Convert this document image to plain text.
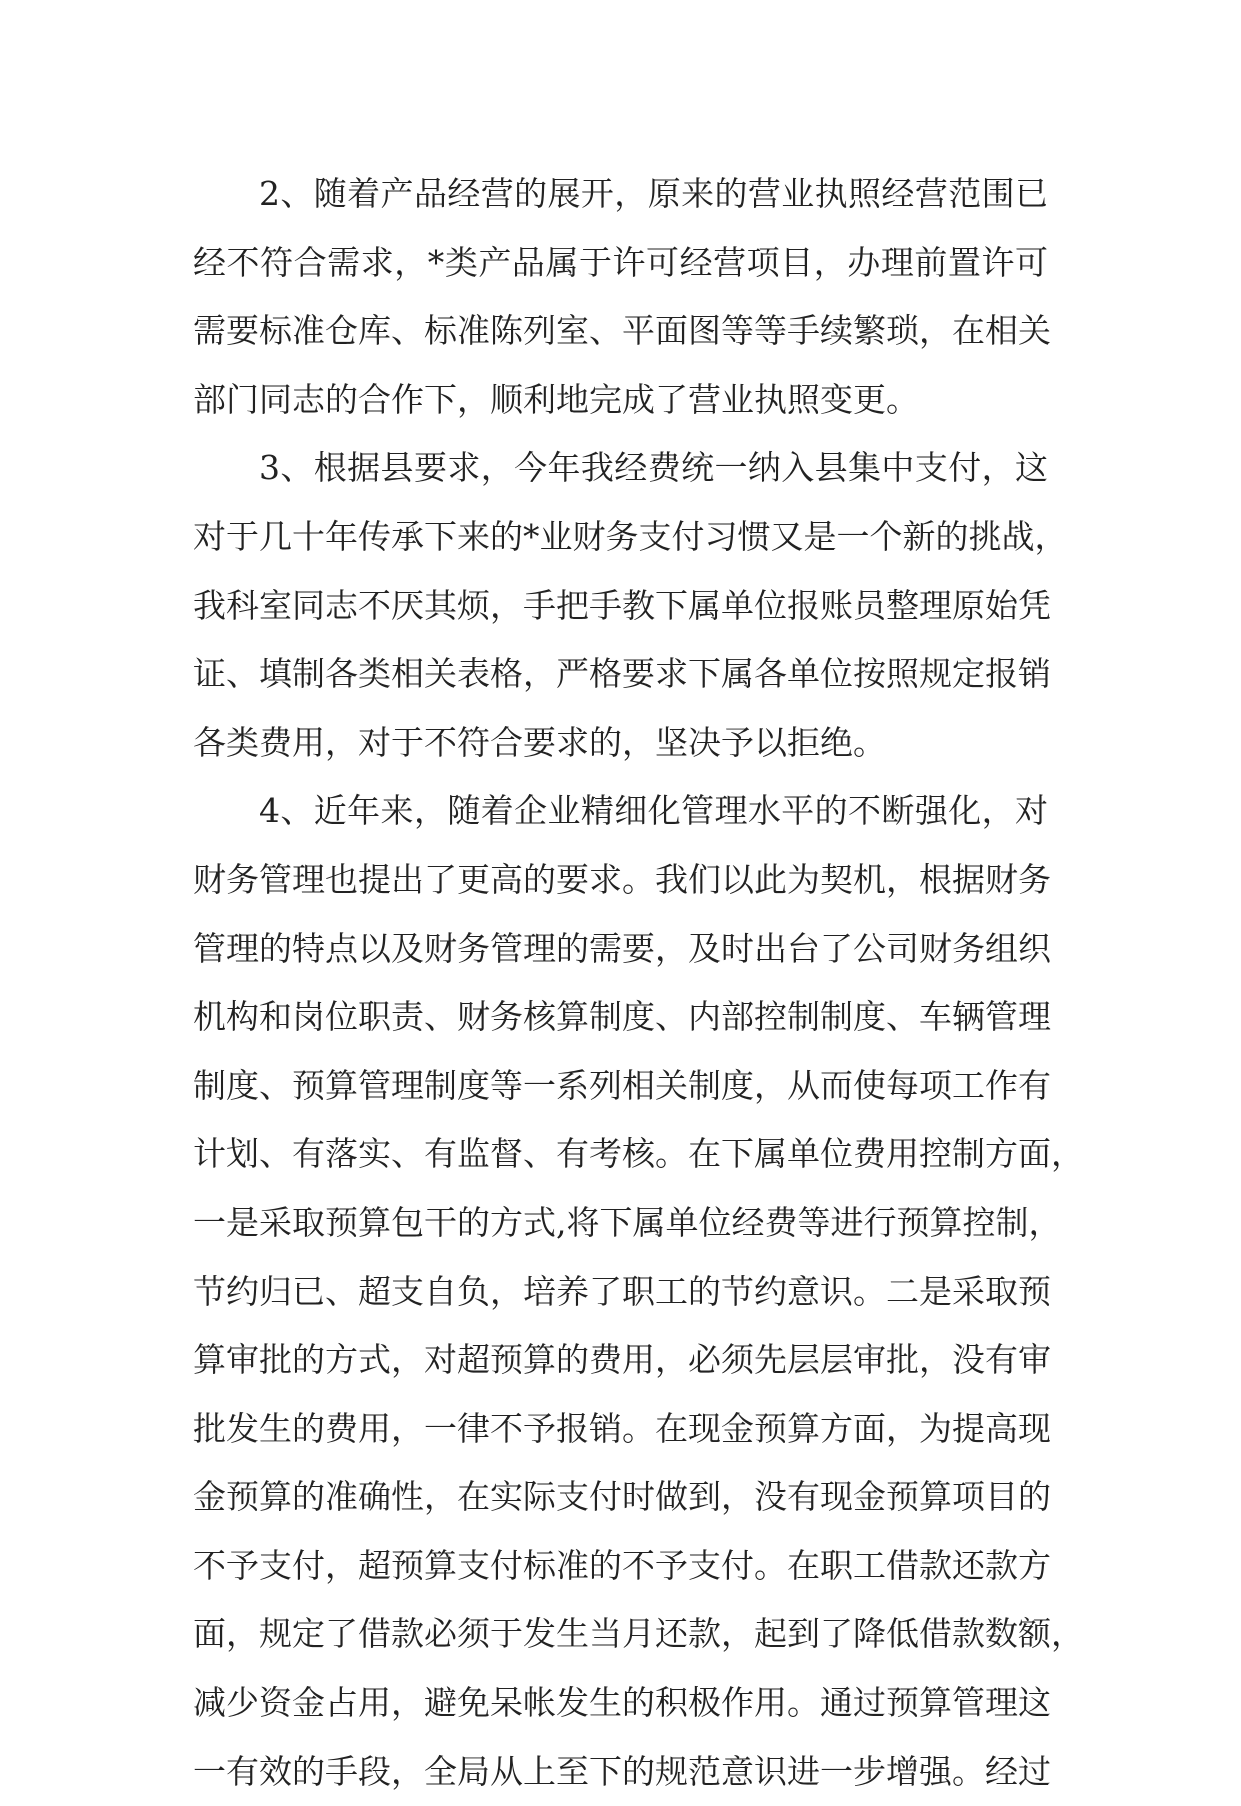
2、随着产品经营的展开，原来的营业执照经营范围已
经不符合需求，*类产品属于许可经营项目，办理前置许可
需要标准仓库、标准陈列室、平面图等等手续繁琐，在相关
部门同志的合作下，顺利地完成了营业执照变更。
3、根据县要求，今年我经费统一纳入县集中支付，这
对于几十年传承下来的*业财务支付习惯又是一个新的挑战，
我科室同志不厌其烦，手把手教下属单位报账员整理原始凭
证、填制各类相关表格，严格要求下属各单位按照规定报销
各类费用，对于不符合要求的，坚决予以拒绝。
4、近年来，随着企业精细化管理水平的不断强化，对
财务管理也提出了更高的要求。我们以此为契机，根据财务
管理的特点以及财务管理的需要，及时出台了公司财务组织
机构和岗位职责、财务核算制度、内部控制制度、车辆管理
制度、预算管理制度等一系列相关制度，从而使每项工作有
计划、有落实、有监督、有考核。在下属单位费用控制方面，
一是采取预算包干的方式,将下属单位经费等进行预算控制，
节约归已、超支自负，培养了职工的节约意识。二是采取预
算审批的方式，对超预算的费用，必须先层层审批，没有审
批发生的费用，一律不予报销。在现金预算方面，为提高现
金预算的准确性，在实际支付时做到，没有现金预算项目的
不予支付，超预算支付标准的不予支付。在职工借款还款方
面，规定了借款必须于发生当月还款，起到了降低借款数额，
减少资金占用，避免呆帐发生的积极作用。通过预算管理这
一有效的手段，全局从上至下的规范意识进一步增强。经过
